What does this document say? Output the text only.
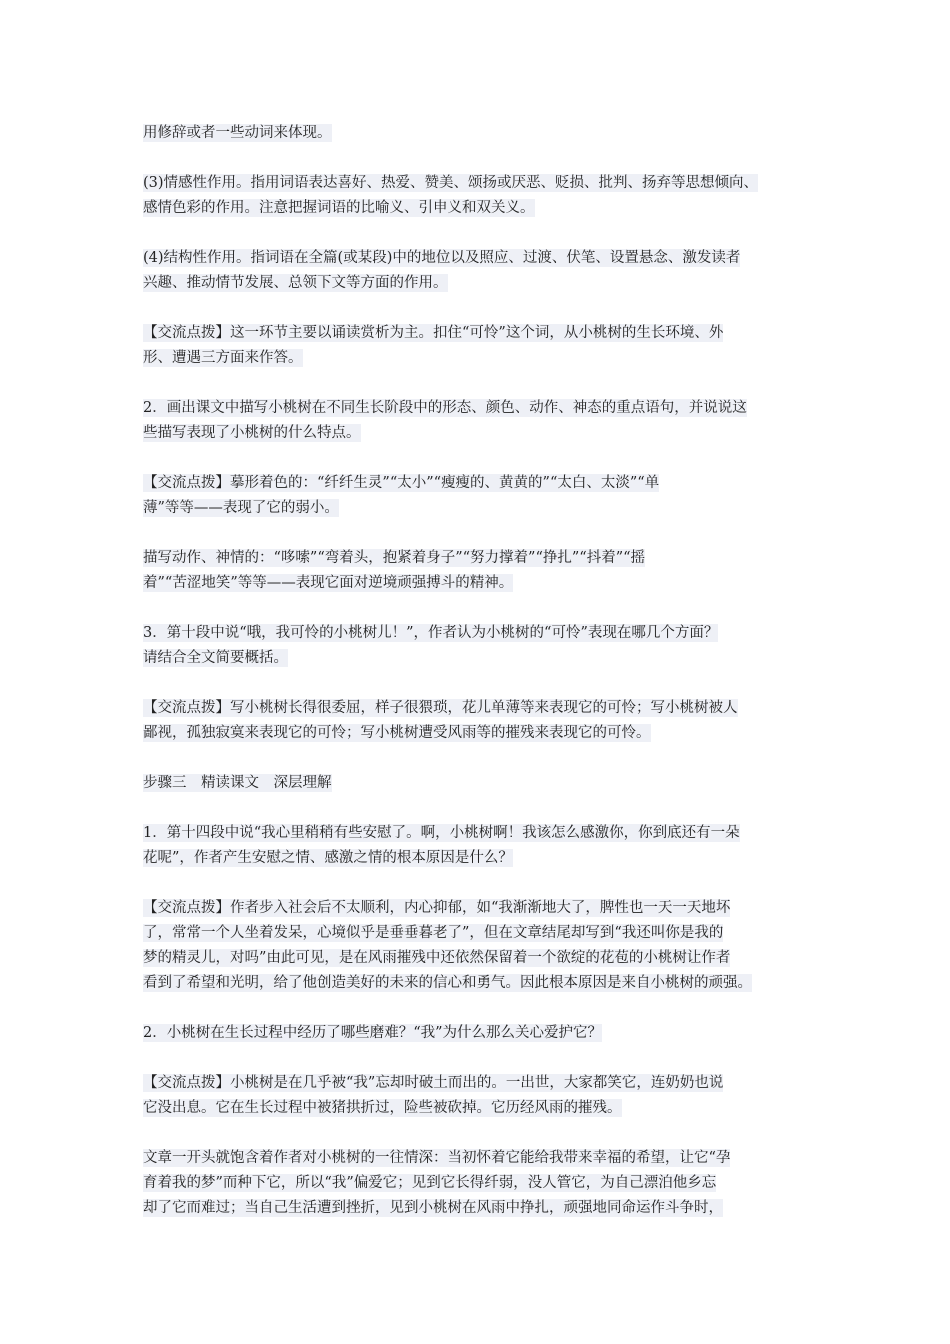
用修辞或者一些动词来体现。

(3)情感性作用。指用词语表达喜好、热爱、赞美、颂扬或厌恶、贬损、批判、扬弃等思想倾向、
感情色彩的作用。注意把握词语的比喻义、引申义和双关义。

(4)结构性作用。指词语在全篇(或某段)中的地位以及照应、过渡、伏笔、设置悬念、激发读者
兴趣、推动情节发展、总领下文等方面的作用。

【交流点拨】这一环节主要以诵读赏析为主。扣住“可怜”这个词，从小桃树的生长环境、外
形、遭遇三方面来作答。

2．画出课文中描写小桃树在不同生长阶段中的形态、颜色、动作、神态的重点语句，并说说这
些描写表现了小桃树的什么特点。

【交流点拨】摹形着色的：“纤纤生灵”“太小”“瘦瘦的、黄黄的”“太白、太淡”“单
薄”等等——表现了它的弱小。

描写动作、神情的：“哆嗦”“弯着头，抱紧着身子”“努力撑着”“挣扎”“抖着”“摇
着”“苦涩地笑”等等——表现它面对逆境顽强搏斗的精神。

3．第十段中说“哦，我可怜的小桃树儿！”，作者认为小桃树的“可怜”表现在哪几个方面？
请结合全文简要概括。

【交流点拨】写小桃树长得很委屈，样子很猥琐，花儿单薄等来表现它的可怜；写小桃树被人
鄙视，孤独寂寞来表现它的可怜；写小桃树遭受风雨等的摧残来表现它的可怜。

步骤三　精读课文　深层理解

1．第十四段中说“我心里稍稍有些安慰了。啊，小桃树啊！我该怎么感激你，你到底还有一朵
花呢”，作者产生安慰之情、感激之情的根本原因是什么？

【交流点拨】作者步入社会后不太顺利，内心抑郁，如“我渐渐地大了，脾性也一天一天地坏
了，常常一个人坐着发呆，心境似乎是垂垂暮老了”，但在文章结尾却写到“我还叫你是我的
梦的精灵儿，对吗”由此可见，是在风雨摧残中还依然保留着一个欲绽的花苞的小桃树让作者
看到了希望和光明，给了他创造美好的未来的信心和勇气。因此根本原因是来自小桃树的顽强。

2．小桃树在生长过程中经历了哪些磨难？“我”为什么那么关心爱护它？

【交流点拨】小桃树是在几乎被“我”忘却时破土而出的。一出世，大家都笑它，连奶奶也说
它没出息。它在生长过程中被猪拱折过，险些被砍掉。它历经风雨的摧残。

文章一开头就饱含着作者对小桃树的一往情深：当初怀着它能给我带来幸福的希望，让它“孕
育着我的梦”而种下它，所以“我”偏爱它；见到它长得纤弱，没人管它，为自己漂泊他乡忘
却了它而难过；当自己生活遭到挫折，见到小桃树在风雨中挣扎，顽强地同命运作斗争时，
